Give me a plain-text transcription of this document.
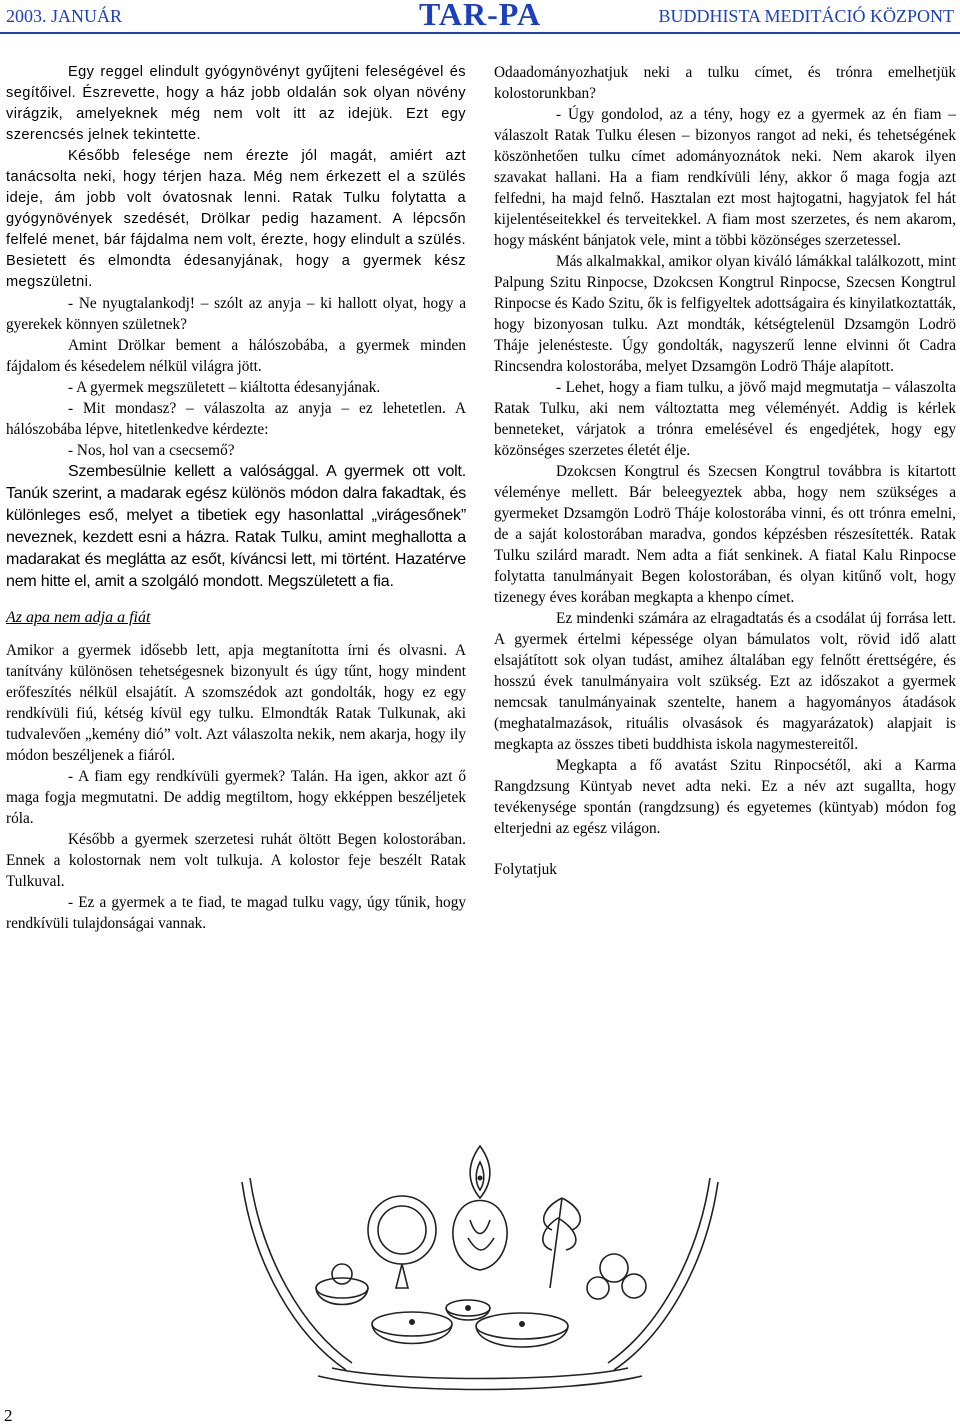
2003. JANUÁR	TAR-PA	BUDDHISTA MEDITÁCIÓ KÖZPONT

Egy reggel elindult gyógynövényt gyűjteni feleségével és segítőivel. Észrevette, hogy a ház jobb oldalán sok olyan növény virágzik, amelyeknek még nem volt itt az idejük. Ezt egy szerencsés jelnek tekintette.

Később felesége nem érezte jól magát, amiért azt tanácsolta neki, hogy térjen haza. Még nem érkezett el a szülés ideje, ám jobb volt óvatosnak lenni. Ratak Tulku folytatta a gyógynövények szedését, Drölkar pedig hazament. A lépcsőn felfelé menet, bár fájdalma nem volt, érezte, hogy elindult a szülés. Besietett és elmondta édesanyjának, hogy a gyermek kész megszületni.

- Ne nyugtalankodj! – szólt az anyja – ki hallott olyat, hogy a gyerekek könnyen születnek?

Amint Drölkar bement a hálószobába, a gyermek minden fájdalom és késedelem nélkül világra jött.

- A gyermek megszületett – kiáltotta édesanyjának.

- Mit mondasz? – válaszolta az anyja – ez lehetetlen. A hálószobába lépve, hitetlenkedve kérdezte:

- Nos, hol van a csecsemő?

Szembesülnie kellett a valósággal. A gyermek ott volt. Tanúk szerint, a madarak egész különös módon dalra fakadtak, és különleges eső, melyet a tibetiek egy hasonlattal „virágesőnek” neveznek, kezdett esni a házra. Ratak Tulku, amint meghallotta a madarakat és meglátta az esőt, kíváncsi lett, mi történt. Hazatérve nem hitte el, amit a szolgáló mondott. Megszületett a fia.

Az apa nem adja a fiát

Amikor a gyermek idősebb lett, apja megtanította írni és olvasni. A tanítvány különösen tehetségesnek bizonyult és úgy tűnt, hogy mindent erőfeszítés nélkül elsajátít. A szomszédok azt gondolták, hogy ez egy rendkívüli fiú, kétség kívül egy tulku. Elmondták Ratak Tulkunak, aki tudvalevően „kemény dió” volt. Azt válaszolta nekik, nem akarja, hogy ily módon beszéljenek a fiáról.

- A fiam egy rendkívüli gyermek? Talán. Ha igen, akkor azt ő maga fogja megmutatni. De addig megtiltom, hogy ekképpen beszéljetek róla.

Később a gyermek szerzetesi ruhát öltött Begen kolostorában. Ennek a kolostornak nem volt tulkuja. A kolostor feje beszélt Ratak Tulkuval.

- Ez a gyermek a te fiad, te magad tulku vagy, úgy tűnik, hogy rendkívüli tulajdonságai vannak.

Odaadományozhatjuk neki a tulku címet, és trónra emelhetjük kolostorunkban?

- Úgy gondolod, az a tény, hogy ez a gyermek az én fiam – válaszolt Ratak Tulku élesen – bizonyos rangot ad neki, és tehetségének köszönhetően tulku címet adományoznátok neki. Nem akarok ilyen szavakat hallani. Ha a fiam rendkívüli lény, akkor ő maga fogja azt felfedni, ha majd felnő. Hasztalan ezt most hajtogatni, hagyjatok fel hát kijelentéseitekkel és terveitekkel. A fiam most szerzetes, és nem akarom, hogy másként bánjatok vele, mint a többi közönséges szerzetessel.

Más alkalmakkal, amikor olyan kiváló lámákkal találkozott, mint Palpung Szitu Rinpocse, Dzokcsen Kongtrul Rinpocse, Szecsen Kongtrul Rinpocse és Kado Szitu, ők is felfigyeltek adottságaira és kinyilatkoztatták, hogy bizonyosan tulku. Azt mondták, kétségtelenül Dzsamgön Lodrö Tháje jelenésteste. Úgy gondolták, nagyszerű lenne elvinni őt Cadra Rincsendra kolostorába, melyet Dzsamgön Lodrö Tháje alapított.

- Lehet, hogy a fiam tulku, a jövő majd megmutatja – válaszolta Ratak Tulku, aki nem változtatta meg véleményét. Addig is kérlek benneteket, várjatok a trónra emelésével és engedjétek, hogy egy közönséges szerzetes életét élje.

Dzokcsen Kongtrul és Szecsen Kongtrul továbbra is kitartott véleménye mellett. Bár beleegyeztek abba, hogy nem szükséges a gyermeket Dzsamgön Lodrö Tháje kolostorába vinni, és ott trónra emelni, de a saját kolostorában maradva, gondos képzésben részesítették. Ratak Tulku szilárd maradt. Nem adta a fiát senkinek. A fiatal Kalu Rinpocse folytatta tanulmányait Begen kolostorában, és olyan kitűnő volt, hogy tizenegy éves korában megkapta a khenpo címet.

Ez mindenki számára az elragadtatás és a csodálat új forrása lett. A gyermek értelmi képessége olyan bámulatos volt, rövid idő alatt elsajátított sok olyan tudást, amihez általában egy felnőtt érettségére, és hosszú évek tanulmányaira volt szükség. Ezt az időszakot a gyermek nemcsak tanulmányainak szentelte, hanem a hagyományos átadások (meghatalmazások, rituális olvasások és magyarázatok) alapjait is megkapta az összes tibeti buddhista iskola nagymestereitől.

Megkapta a fő avatást Szitu Rinpocsétől, aki a Karma Rangdzsung Küntyab nevet adta neki. Ez a név azt sugallta, hogy tevékenysége spontán (rangdzsung) és egyetemes (küntyab) módon fog elterjedni az egész világon.

Folytatjuk

2
